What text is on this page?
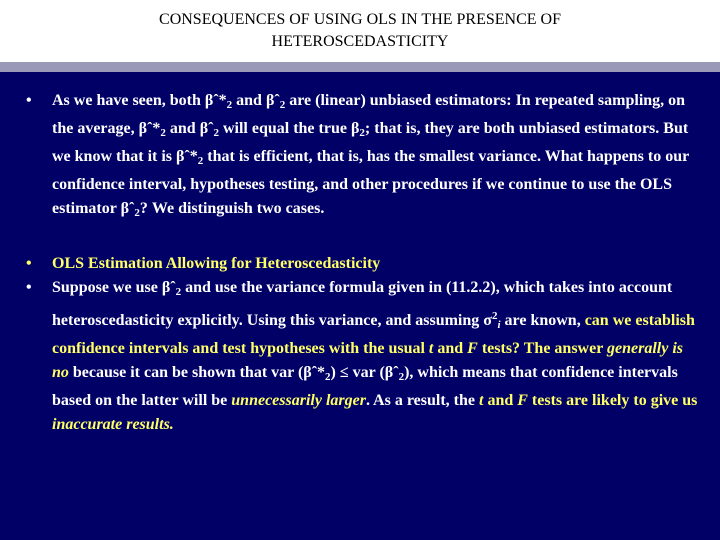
CONSEQUENCES OF USING OLS IN THE PRESENCE OF
HETEROSCEDASTICITY

• As we have seen, both $\beta ˆ*_2$ and βˆ$_2$ are (linear) unbiased estimators: In repeated sampling, on the average, $\beta ˆ*_2$ and βˆ$_2$ will equal the true $\beta_2$; that is, they are both unbiased estimators. But we know that it is $\beta ˆ*_2$ that is efficient, that is, has the smallest variance. What happens to our confidence interval, hypotheses testing, and other procedures if we continue to use the OLS estimator βˆ$_2$? We distinguish two cases.

• OLS Estimation Allowing for Heteroscedasticity

• Suppose we use βˆ$_2$ and use the variance formula given in (11.2.2), which takes into account heteroscedasticity explicitly. Using this variance, and assuming $\sigma^2_i$ are known, can we establish confidence intervals and test hypotheses with the usual t and F tests? The answer generally is no because it can be shown that var $(\beta ˆ*_2)$ ≤ var (βˆ$_2$), which means that confidence intervals based on the latter will be unnecessarily larger. As a result, the t and F tests are likely to give us inaccurate results.
